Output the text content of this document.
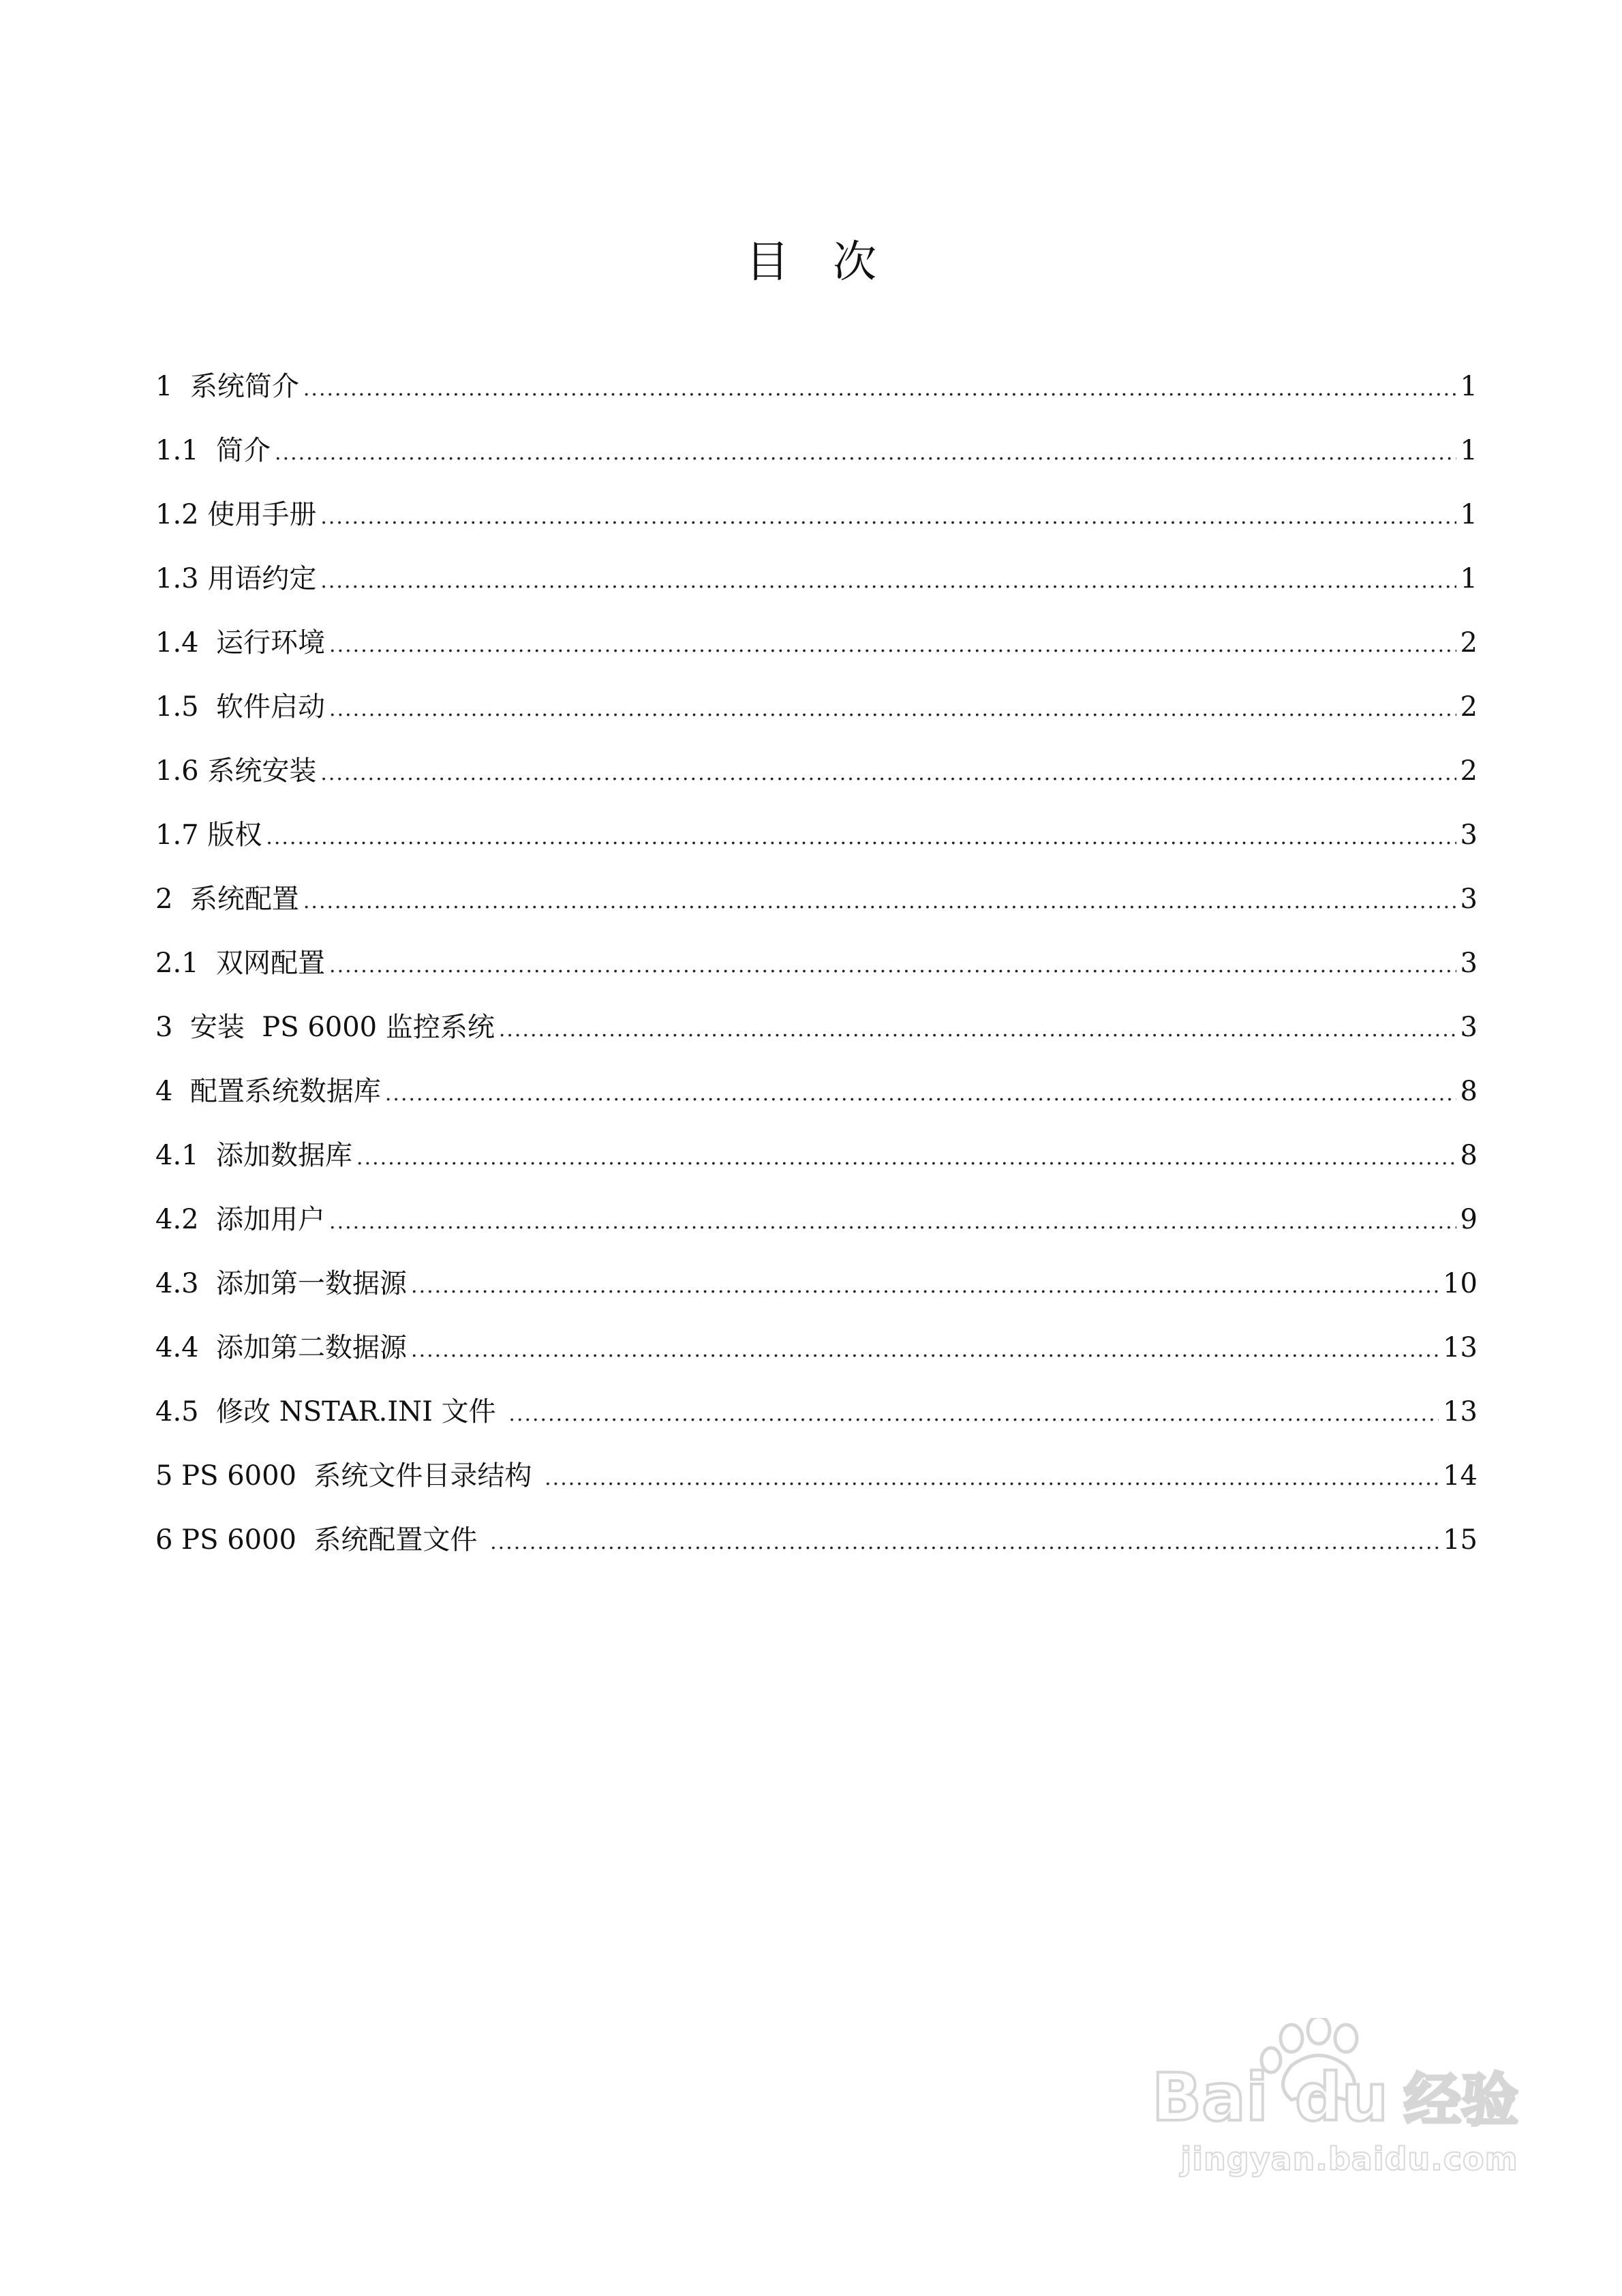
目次
1  系统简介 .....	1
1.1  简介 .....	1
1.2 使用手册 .....	1
1.3 用语约定 .....	1
1.4  运行环境 .....	2
1.5  软件启动 .....	2
1.6 系统安装 .....	2
1.7 版权 .....	3
2  系统配置 .....	3
2.1  双网配置 .....	3
3  安装  PS 6000 监控系统 .....	3
4  配置系统数据库 .....	8
4.1  添加数据库 .....	8
4.2  添加用户 .....	9
4.3  添加第一数据源 .....	10
4.4  添加第二数据源 .....	13
4.5  修改 NSTAR.INI 文件 .....	13
5 PS 6000  系统文件目录结构 .....	14
6 PS 6000  系统配置文件 .....	15
Bai du 经验
jingyan.baidu.com
